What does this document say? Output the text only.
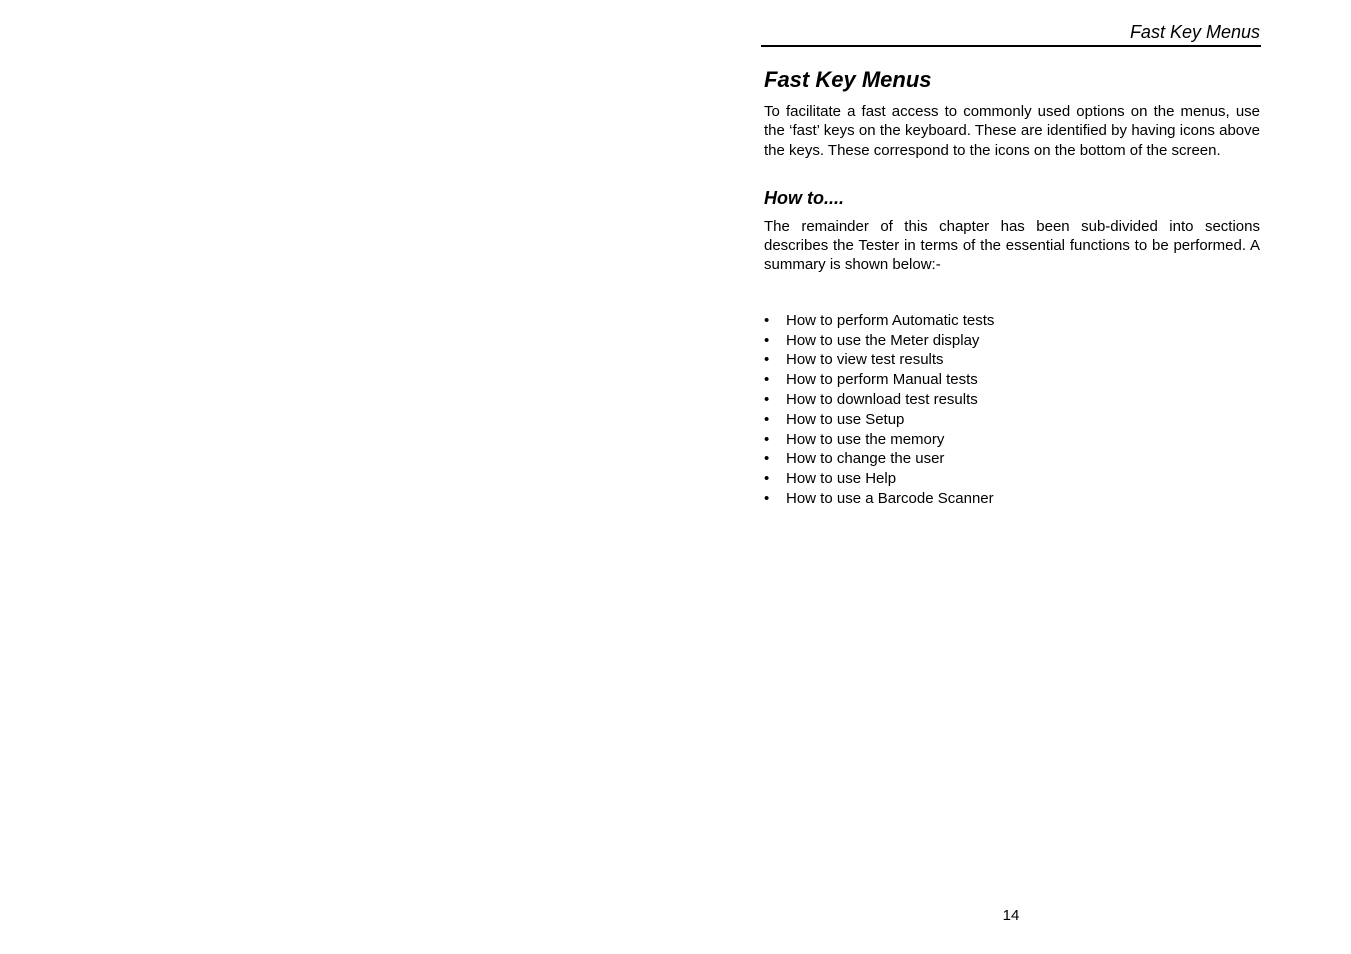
Fast Key Menus

Fast Key Menus

To facilitate a fast access to commonly used options on the menus, use the ‘fast’ keys on the keyboard. These are identified by having icons above the keys. These correspond to the icons on the bottom of the screen.

How to....

The remainder of this chapter has been sub-divided into sections describes the Tester in terms of the essential functions to be performed. A summary is shown below:-

•	How to perform Automatic tests
•	How to use the Meter display
•	How to view test results
•	How to perform Manual tests
•	How to download test results
•	How to use Setup
•	How to use the memory
•	How to change the user
•	How to use Help
•	How to use a Barcode Scanner
14
